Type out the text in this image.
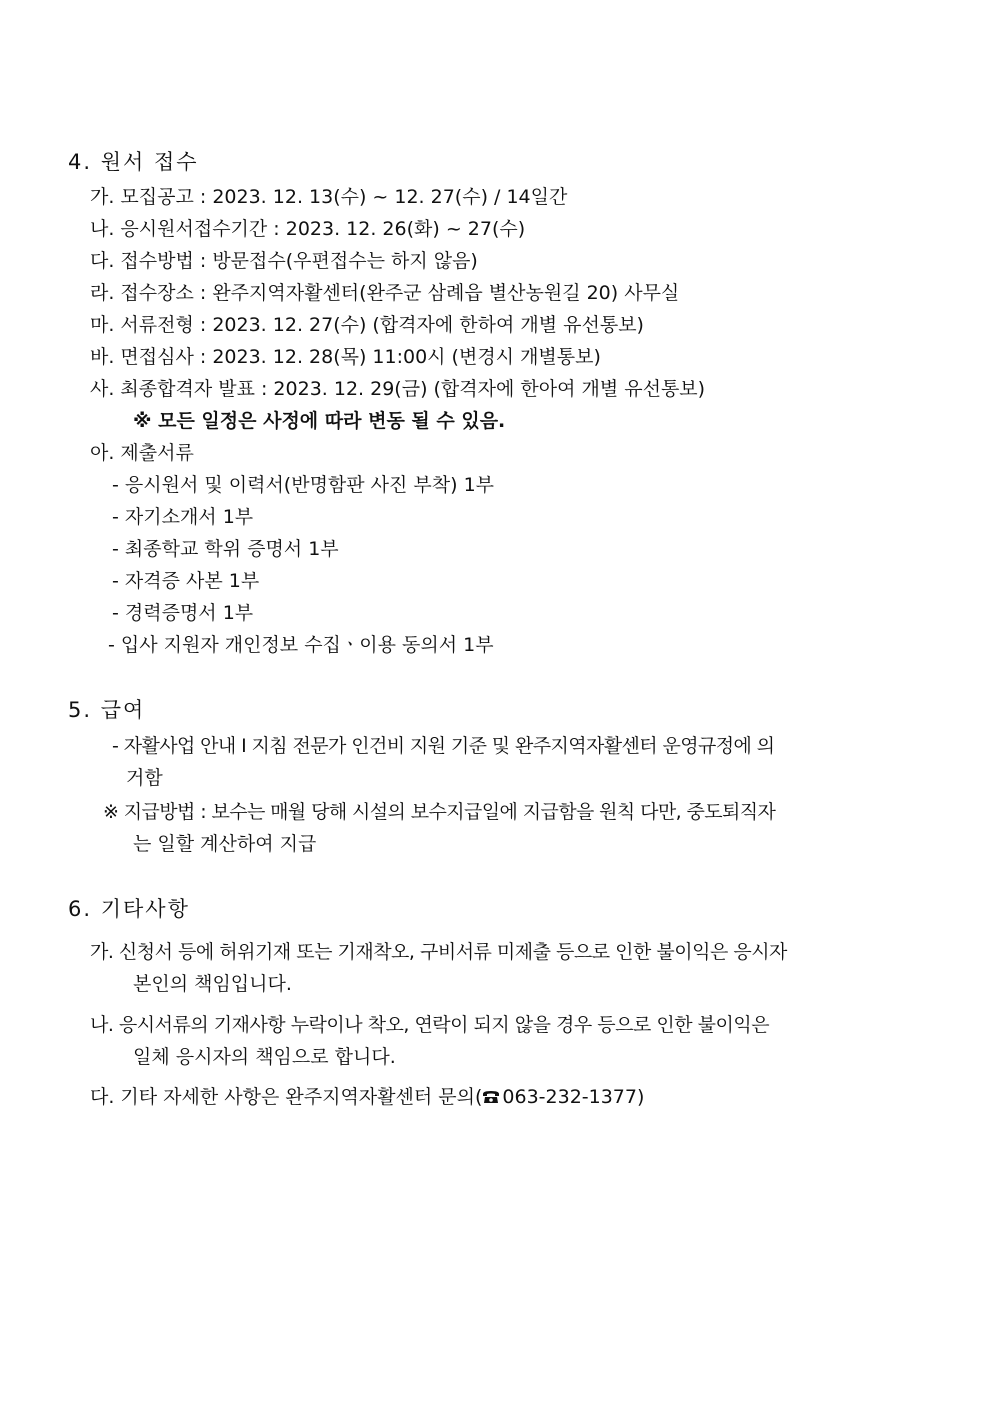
4. 원서 접수
가. 모집공고 : 2023. 12. 13(수) ~ 12. 27(수) / 14일간
나. 응시원서접수기간 : 2023. 12. 26(화) ~ 27(수)
다. 접수방법 : 방문접수(우편접수는 하지 않음)
라. 접수장소 : 완주지역자활센터(완주군 삼례읍 별산농원길 20) 사무실
마. 서류전형 : 2023. 12. 27(수) (합격자에 한하여 개별 유선통보)
바. 면접심사 : 2023. 12. 28(목) 11:00시 (변경시 개별통보)
사. 최종합격자 발표 : 2023. 12. 29(금) (합격자에 한아여 개별 유선통보)
※ 모든 일정은 사정에 따라 변동 될 수 있음.
아. 제출서류
- 응시원서 및 이력서(반명함판 사진 부착) 1부
- 자기소개서 1부
- 최종학교 학위 증명서 1부
- 자격증 사본 1부
- 경력증명서 1부
- 입사 지원자 개인정보 수집ㆍ이용 동의서 1부
5. 급여
- 자활사업 안내 Ⅰ 지침 전문가 인건비 지원 기준 및 완주지역자활센터 운영규정에 의
거함
※ 지급방법 : 보수는 매월 당해 시설의 보수지급일에 지급함을 원칙 다만, 중도퇴직자
는 일할 계산하여 지급
6. 기타사항
가. 신청서 등에 허위기재 또는 기재착오, 구비서류 미제출 등으로 인한 불이익은 응시자
본인의 책임입니다.
나. 응시서류의 기재사항 누락이나 착오, 연락이 되지 않을 경우 등으로 인한 불이익은
일체 응시자의 책임으로 합니다.
다. 기타 자세한 사항은 완주지역자활센터 문의( 063-232-1377)
